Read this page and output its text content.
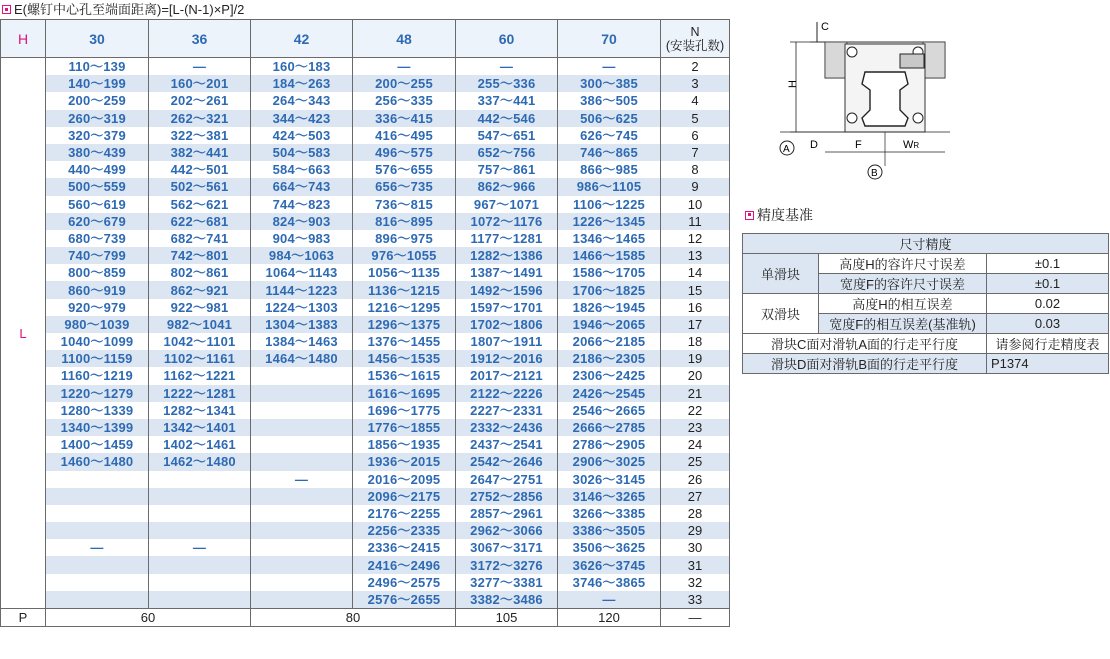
E(螺钉中心孔至端面距离)=[L-(N-1)×P]/2
H	30	36	42	48	60	70	N
(安装孔数)

L	110～139	—	160～183	—	—	—	2
	140～199	160～201	184～263	200～255	255～336	300～385	3
	200～259	202～261	264～343	256～335	337～441	386～505	4
	260～319	262～321	344～423	336～415	442～546	506～625	5
	320～379	322～381	424～503	416～495	547～651	626～745	6
	380～439	382～441	504～583	496～575	652～756	746～865	7
	440～499	442～501	584～663	576～655	757～861	866～985	8
	500～559	502～561	664～743	656～735	862～966	986～1105	9
	560～619	562～621	744～823	736～815	967～1071	1106～1225	10
	620～679	622～681	824～903	816～895	1072～1176	1226～1345	11
	680～739	682～741	904～983	896～975	1177～1281	1346～1465	12
	740～799	742～801	984～1063	976～1055	1282～1386	1466～1585	13
	800～859	802～861	1064～1143	1056～1135	1387～1491	1586～1705	14
	860～919	862～921	1144～1223	1136～1215	1492～1596	1706～1825	15
	920～979	922～981	1224～1303	1216～1295	1597～1701	1826～1945	16
	980～1039	982～1041	1304～1383	1296～1375	1702～1806	1946～2065	17
	1040～1099	1042～1101	1384～1463	1376～1455	1807～1911	2066～2185	18
	1100～1159	1102～1161	1464～1480	1456～1535	1912～2016	2186～2305	19
	1160～1219	1162～1221		1536～1615	2017～2121	2306～2425	20
	1220～1279	1222～1281		1616～1695	2122～2226	2426～2545	21
	1280～1339	1282～1341		1696～1775	2227～2331	2546～2665	22
	1340～1399	1342～1401		1776～1855	2332～2436	2666～2785	23
	1400～1459	1402～1461		1856～1935	2437～2541	2786～2905	24
	1460～1480	1462～1480		1936～2015	2542～2646	2906～3025	25
			—	2016～2095	2647～2751	3026～3145	26
				2096～2175	2752～2856	3146～3265	27
				2176～2255	2857～2961	3266～3385	28
				2256～2335	2962～3066	3386～3505	29
	—	—		2336～2415	3067～3171	3506～3625	30
				2416～2496	3172～3276	3626～3745	31
				2496～2575	3277～3381	3746～3865	32
				2576～2655	3382～3486	—	33
P	60		80		105	120	—
C
H
A D	F	WR
B
精度基准
尺寸精度		
单滑块	高度H的容许尺寸误差	±0.1
	宽度F的容许尺寸误差	±0.1
双滑块	高度H的相互误差	0.02
	宽度F的相互误差(基准轨)	0.03
滑块C面对滑轨A面的行走平行度		请参阅行走精度表
滑块D面对滑轨B面的行走平行度		P1374
